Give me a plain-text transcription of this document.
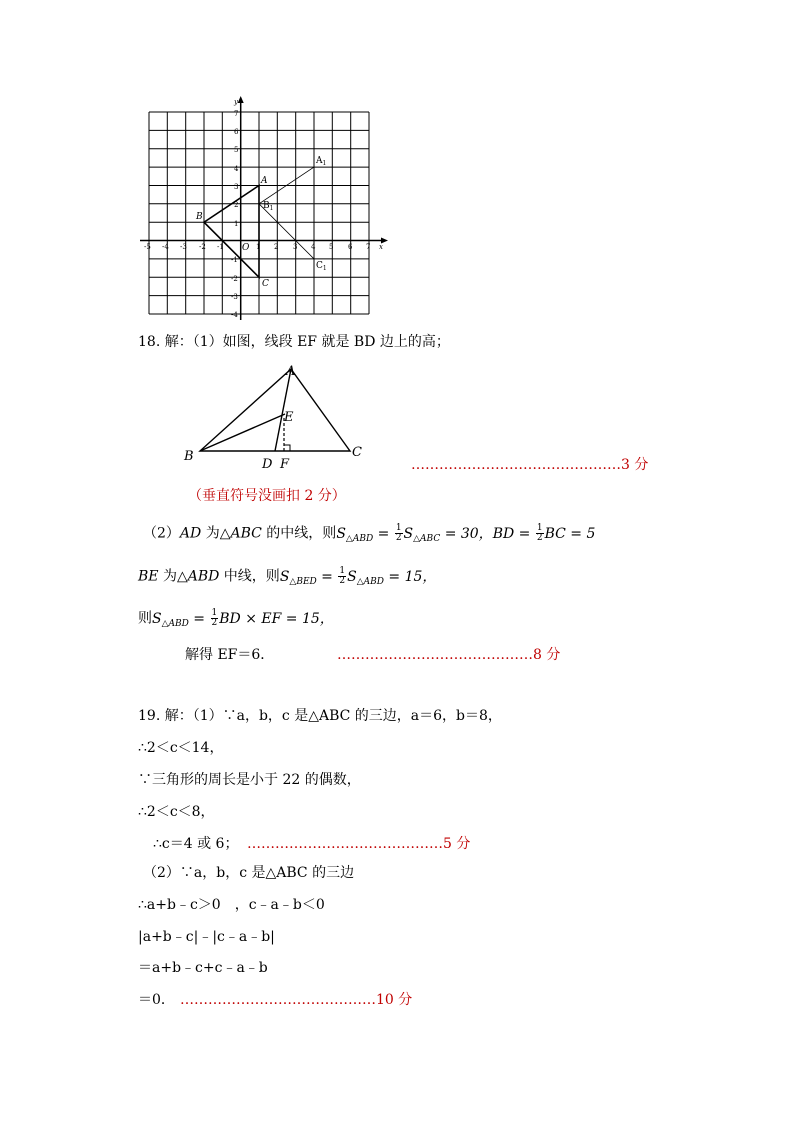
-5 -4 -3 -2 -1	1 2 3 4 5 6 7 x
7
6
5
4
3
2
1
-1
-2
-3
-4
y
O
A
B
C
$A_1$
$B_1$
$C_1$
18. 解：（1）如图，线段 EF 就是 BD 边上的高；
A
B	C
D
E
F	………………………………………3 分
（垂直符号没画扣 2 分）
（2）AD 为△ABC 的中线，则$S_{\triangle ABD} = \frac{1}{2} S_{\triangle ABC} = 30$，BD = $\frac{1}{2}$ BC = 5
BE 为△ABD 中线，则$S_{\triangle BED} = \frac{1}{2} S_{\triangle ABD} = 15$，
则$S_{\triangle ABD} = \frac{1}{2}$ BD × EF = 15，
解得 EF＝6．	……………………………………8 分
19. 解：（1）∵a，b，c 是△ABC 的三边，a＝6，b＝8，
∴2＜c＜14，
∵三角形的周长是小于 22 的偶数，
∴2＜c＜8，
∴c＝4 或 6； ……………………………………5 分
（2）∵a，b，c 是△ABC 的三边
∴a+b﹣c＞0　，c﹣a﹣b＜0
|a+b﹣c|﹣|c﹣a﹣b|
＝a+b﹣c+c﹣a﹣b
＝0． ……………………………………10 分
